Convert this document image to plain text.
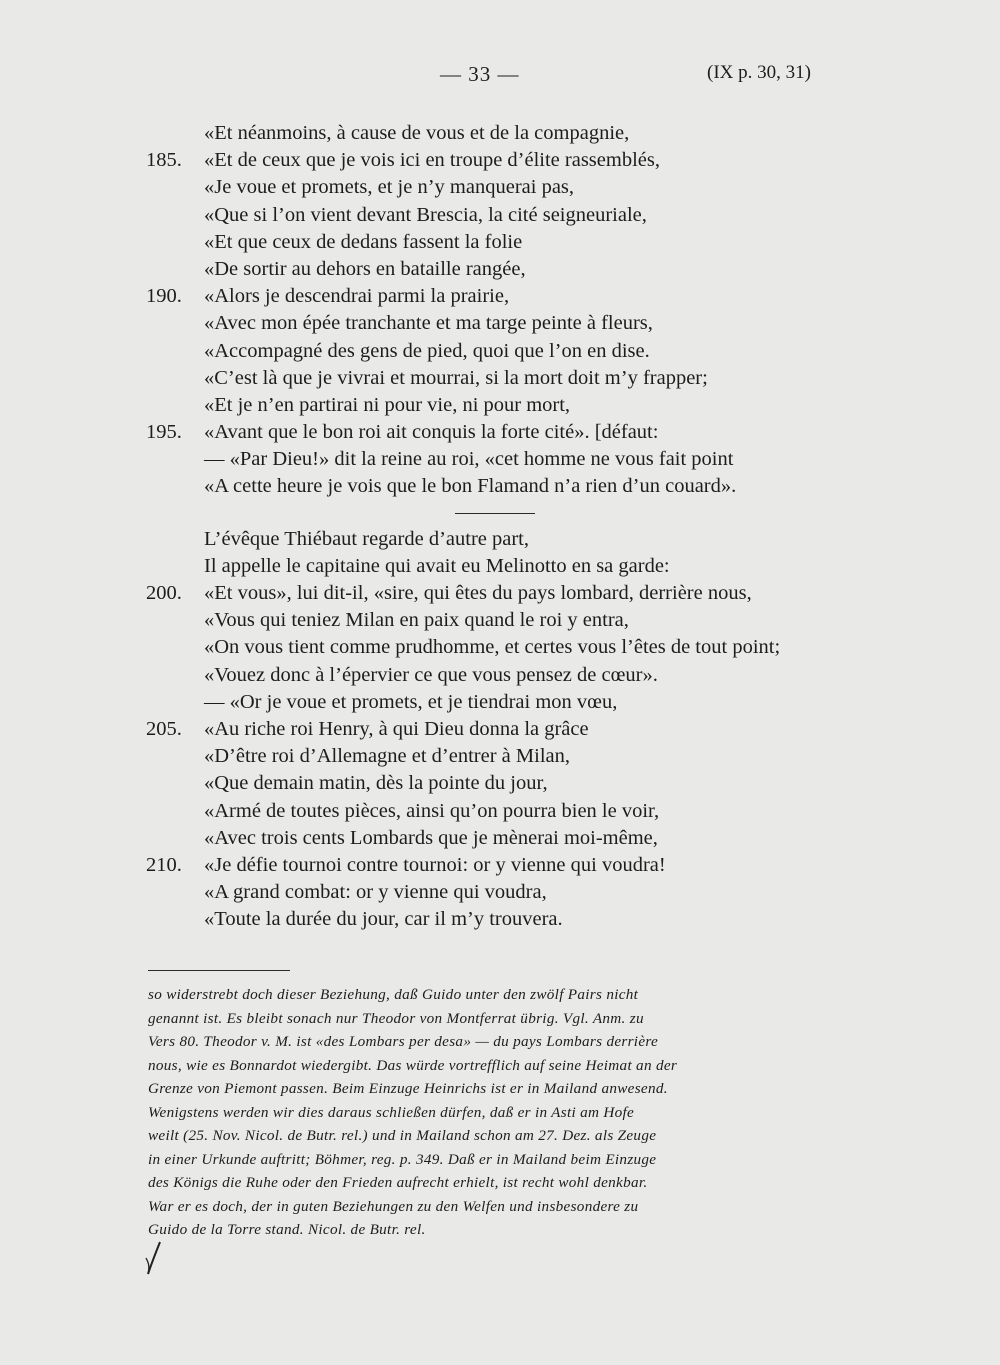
— 33 —	(IX p. 30, 31)
«Et néanmoins, à cause de vous et de la compagnie,
185.	«Et de ceux que je vois ici en troupe d’élite rassemblés,
«Je voue et promets, et je n’y manquerai pas,
«Que si l’on vient devant Brescia, la cité seigneuriale,
«Et que ceux de dedans fassent la folie
«De sortir au dehors en bataille rangée,
190.	«Alors je descendrai parmi la prairie,
«Avec mon épée tranchante et ma targe peinte à fleurs,
«Accompagné des gens de pied, quoi que l’on en dise.
«C’est là que je vivrai et mourrai, si la mort doit m’y frapper;
«Et je n’en partirai ni pour vie, ni pour mort,
195.	«Avant que le bon roi ait conquis la forte cité». [défaut:
— «Par Dieu!» dit la reine au roi, «cet homme ne vous fait point
«A cette heure je vois que le bon Flamand n’a rien d’un couard».
L’évêque Thiébaut regarde d’autre part,
Il appelle le capitaine qui avait eu Melinotto en sa garde:
200.	«Et vous», lui dit-il, «sire, qui êtes du pays lombard, derrière nous,
«Vous qui teniez Milan en paix quand le roi y entra,
«On vous tient comme prudhomme, et certes vous l’êtes de tout point;
«Vouez donc à l’épervier ce que vous pensez de cœur».
— «Or je voue et promets, et je tiendrai mon vœu,
205.	«Au riche roi Henry, à qui Dieu donna la grâce
«D’être roi d’Allemagne et d’entrer à Milan,
«Que demain matin, dès la pointe du jour,
«Armé de toutes pièces, ainsi qu’on pourra bien le voir,
«Avec trois cents Lombards que je mènerai moi-même,
210.	«Je défie tournoi contre tournoi: or y vienne qui voudra!
«A grand combat: or y vienne qui voudra,
«Toute la durée du jour, car il m’y trouvera.
so widerstrebt doch dieser Beziehung, daß Guido unter den zwölf Pairs nicht
genannt ist. Es bleibt sonach nur Theodor von Montferrat übrig. Vgl. Anm. zu
Vers 80. Theodor v. M. ist «des Lombars per desa» — du pays Lombars derrière
nous, wie es Bonnardot wiedergibt. Das würde vortrefflich auf seine Heimat an der
Grenze von Piemont passen. Beim Einzuge Heinrichs ist er in Mailand anwesend.
Wenigstens werden wir dies daraus schließen dürfen, daß er in Asti am Hofe
weilt (25. Nov. Nicol. de Butr. rel.) und in Mailand schon am 27. Dez. als Zeuge
in einer Urkunde auftritt; Böhmer, reg. p. 349. Daß er in Mailand beim Einzuge
des Königs die Ruhe oder den Frieden aufrecht erhielt, ist recht wohl denkbar.
War er es doch, der in guten Beziehungen zu den Welfen und insbesondere zu
Guido de la Torre stand. Nicol. de Butr. rel.
